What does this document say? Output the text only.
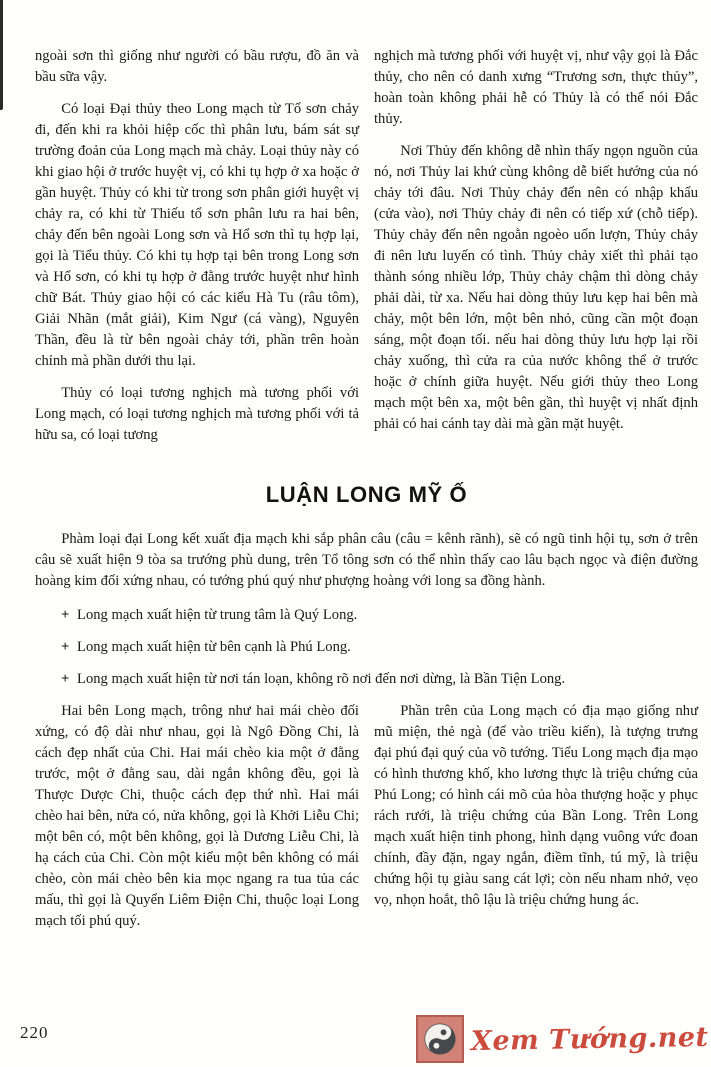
ngoài sơn thì giống như người có bầu rượu, đồ ăn và bầu sữa vậy.

Có loại Đại thủy theo Long mạch từ Tổ sơn chảy đi, đến khi ra khỏi hiệp cốc thì phân lưu, bám sát sự trường đoản của Long mạch mà chảy. Loại thủy này có khi giao hội ở trước huyệt vị, có khi tụ hợp ở xa hoặc ở gần huyệt. Thủy có khi từ trong sơn phân giới huyệt vị chảy ra, có khi từ Thiếu tổ sơn phân lưu ra hai bên, chảy đến bên ngoài Long sơn và Hổ sơn thì tụ hợp lại, gọi là Tiểu thủy. Có khi tụ hợp tại bên trong Long sơn và Hổ sơn, có khi tụ hợp ở đằng trước huyệt như hình chữ Bát. Thủy giao hội có các kiểu Hà Tu (râu tôm), Giải Nhãn (mắt giải), Kim Ngư (cá vàng), Nguyên Thần, đều là từ bên ngoài chảy tới, phần trên hoàn chỉnh mà phần dưới thu lại.

Thủy có loại tương nghịch mà tương phối với Long mạch, có loại tương nghịch mà tương phối với tả hữu sa, có loại tương

nghịch mà tương phối với huyệt vị, như vậy gọi là Đắc thủy, cho nên có danh xưng “Trương sơn, thực thủy”, hoàn toàn không phải hễ có Thủy là có thể nói Đắc thủy.

Nơi Thủy đến không dễ nhìn thấy ngọn nguồn của nó, nơi Thủy lai khứ cùng không dễ biết hướng của nó chảy tới đâu. Nơi Thủy chảy đến nên có nhập khẩu (cửa vào), nơi Thủy chảy đi nên có tiếp xứ (chỗ tiếp). Thủy chảy đến nên ngoằn ngoèo uốn lượn, Thủy chảy đi nên lưu luyến có tình. Thủy chảy xiết thì phải tạo thành sóng nhiều lớp, Thủy chảy chậm thì dòng chảy phải dài, từ xa. Nếu hai dòng thủy lưu kẹp hai bên mà chảy, một bên lớn, một bên nhỏ, cũng cần một đoạn sáng, một đoạn tối. nếu hai dòng thủy lưu hợp lại rồi chảy xuống, thì cửa ra của nước không thể ở trước hoặc ở chính giữa huyệt. Nếu giới thủy theo Long mạch một bên xa, một bên gần, thì huyệt vị nhất định phải có hai cánh tay dài mà gần mặt huyệt.

LUẬN LONG MỸ Ố

Phàm loại đại Long kết xuất địa mạch khi sắp phân câu (câu = kênh rãnh), sẽ có ngũ tinh hội tụ, sơn ở trên câu sẽ xuất hiện 9 tòa sa trướng phù dung, trên Tổ tông sơn có thể nhìn thấy cao lâu bạch ngọc và điện đường hoàng kim đối xứng nhau, có tướng phú quý như phượng hoàng với long sa đồng hành.

+ Long mạch xuất hiện từ trung tâm là Quý Long.
+ Long mạch xuất hiện từ bên cạnh là Phú Long.
+ Long mạch xuất hiện từ nơi tán loạn, không rõ nơi đến nơi dừng, là Bần Tiện Long.

Hai bên Long mạch, trông như hai mái chèo đối xứng, có độ dài như nhau, gọi là Ngô Đồng Chi, là cách đẹp nhất của Chi. Hai mái chèo kia một ở đằng trước, một ở đằng sau, dài ngắn không đều, gọi là Thược Dược Chi, thuộc cách đẹp thứ nhì. Hai mái chèo hai bên, nửa có, nửa không, gọi là Khởi Liễu Chi; một bên có, một bên không, gọi là Dương Liễu Chi, là hạ cách của Chi. Còn một kiểu một bên không có mái chèo, còn mái chèo bên kia mọc ngang ra tua tủa các mấu, thì gọi là Quyển Liêm Điện Chi, thuộc loại Long mạch tối phú quý.

Phần trên của Long mạch có địa mạo giống như mũ miện, thẻ ngà (để vào triều kiến), là tượng trưng đại phú đại quý của võ tướng. Tiểu Long mạch địa mạo có hình thương khố, kho lương thực là triệu chứng của Phú Long; có hình cái mõ của hòa thượng hoặc y phục rách rưới, là triệu chứng của Bần Long. Trên Long mạch xuất hiện tinh phong, hình dạng vuông vức đoan chính, đầy đặn, ngay ngắn, điềm tĩnh, tú mỹ, là triệu chứng hội tụ giàu sang cát lợi; còn nếu nham nhở, vẹo vọ, nhọn hoắt, thô lậu là triệu chứng hung ác.

220	Xem Tướng.net
